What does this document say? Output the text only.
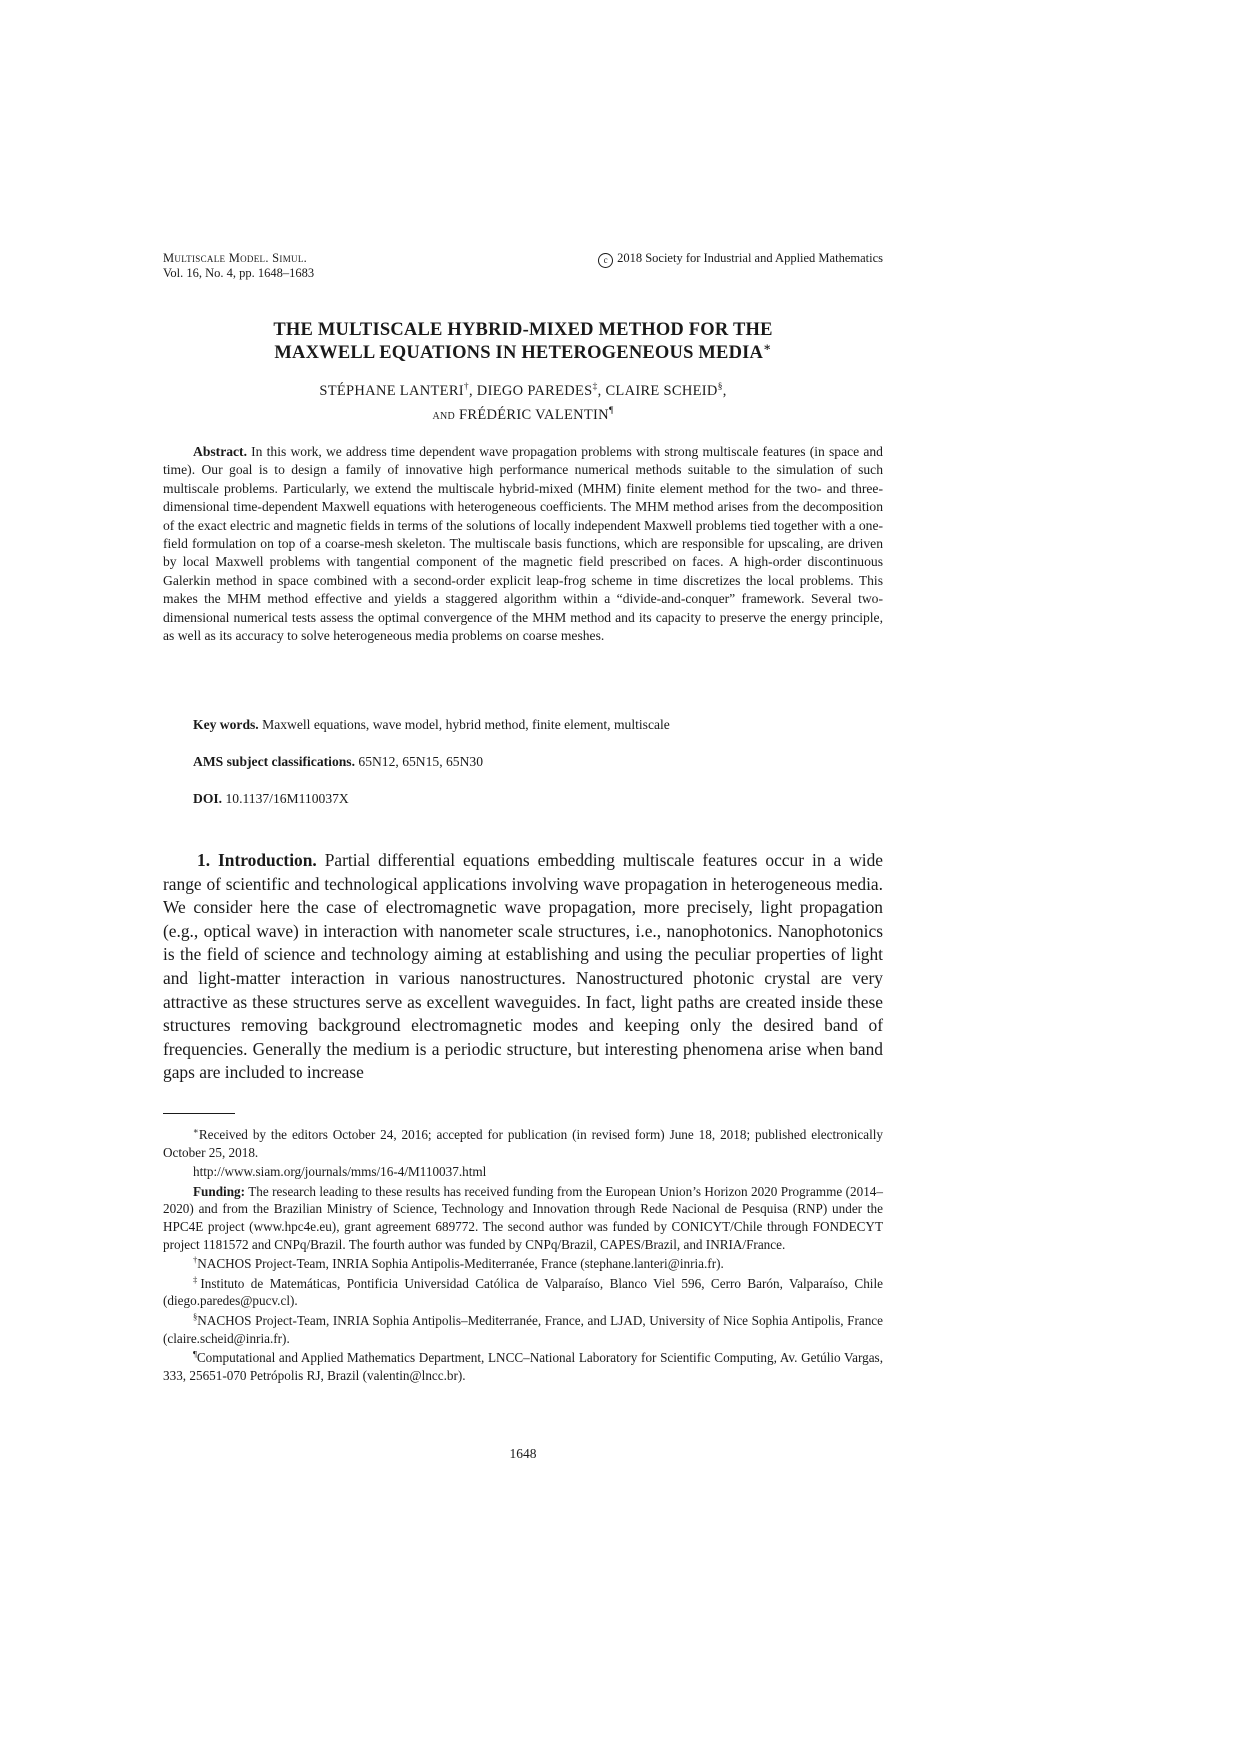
Multiscale Model. Simul.
Vol. 16, No. 4, pp. 1648–1683
c 2018 Society for Industrial and Applied Mathematics
THE MULTISCALE HYBRID-MIXED METHOD FOR THE
MAXWELL EQUATIONS IN HETEROGENEOUS MEDIA∗
STÉPHANE LANTERI†, DIEGO PAREDES‡, CLAIRE SCHEID§,
and FRÉDÉRIC VALENTIN¶

Abstract. In this work, we address time dependent wave propagation problems with strong multiscale features (in space and time). Our goal is to design a family of innovative high performance numerical methods suitable to the simulation of such multiscale problems. Particularly, we extend the multiscale hybrid-mixed (MHM) finite element method for the two- and three-dimensional time-dependent Maxwell equations with heterogeneous coefficients. The MHM method arises from the decomposition of the exact electric and magnetic fields in terms of the solutions of locally independent Maxwell problems tied together with a one-field formulation on top of a coarse-mesh skeleton. The multiscale basis functions, which are responsible for upscaling, are driven by local Maxwell problems with tangential component of the magnetic field prescribed on faces. A high-order discontinuous Galerkin method in space combined with a second-order explicit leap-frog scheme in time discretizes the local problems. This makes the MHM method effective and yields a staggered algorithm within a “divide-and-conquer” framework. Several two-dimensional numerical tests assess the optimal convergence of the MHM method and its capacity to preserve the energy principle, as well as its accuracy to solve heterogeneous media problems on coarse meshes.

Key words. Maxwell equations, wave model, hybrid method, finite element, multiscale
AMS subject classifications. 65N12, 65N15, 65N30
DOI. 10.1137/16M110037X

1. Introduction. Partial differential equations embedding multiscale features occur in a wide range of scientific and technological applications involving wave propagation in heterogeneous media. We consider here the case of electromagnetic wave propagation, more precisely, light propagation (e.g., optical wave) in interaction with nanometer scale structures, i.e., nanophotonics. Nanophotonics is the field of science and technology aiming at establishing and using the peculiar properties of light and light-matter interaction in various nanostructures. Nanostructured photonic crystal are very attractive as these structures serve as excellent waveguides. In fact, light paths are created inside these structures removing background electromagnetic modes and keeping only the desired band of frequencies. Generally the medium is a periodic structure, but interesting phenomena arise when band gaps are included to increase

∗Received by the editors October 24, 2016; accepted for publication (in revised form) June 18, 2018; published electronically October 25, 2018.

http://www.siam.org/journals/mms/16-4/M110037.html

Funding: The research leading to these results has received funding from the European Union’s Horizon 2020 Programme (2014–2020) and from the Brazilian Ministry of Science, Technology and Innovation through Rede Nacional de Pesquisa (RNP) under the HPC4E project (www.hpc4e.eu), grant agreement 689772. The second author was funded by CONICYT/Chile through FONDECYT project 1181572 and CNPq/Brazil. The fourth author was funded by CNPq/Brazil, CAPES/Brazil, and INRIA/France.

†NACHOS Project-Team, INRIA Sophia Antipolis-Mediterranée, France (stephane.lanteri@inria.fr).

‡Instituto de Matemáticas, Pontificia Universidad Católica de Valparaíso, Blanco Viel 596, Cerro Barón, Valparaíso, Chile (diego.paredes@pucv.cl).

§NACHOS Project-Team, INRIA Sophia Antipolis–Mediterranée, France, and LJAD, University of Nice Sophia Antipolis, France (claire.scheid@inria.fr).

¶Computational and Applied Mathematics Department, LNCC–National Laboratory for Scientific Computing, Av. Getúlio Vargas, 333, 25651-070 Petrópolis RJ, Brazil (valentin@lncc.br).

1648
